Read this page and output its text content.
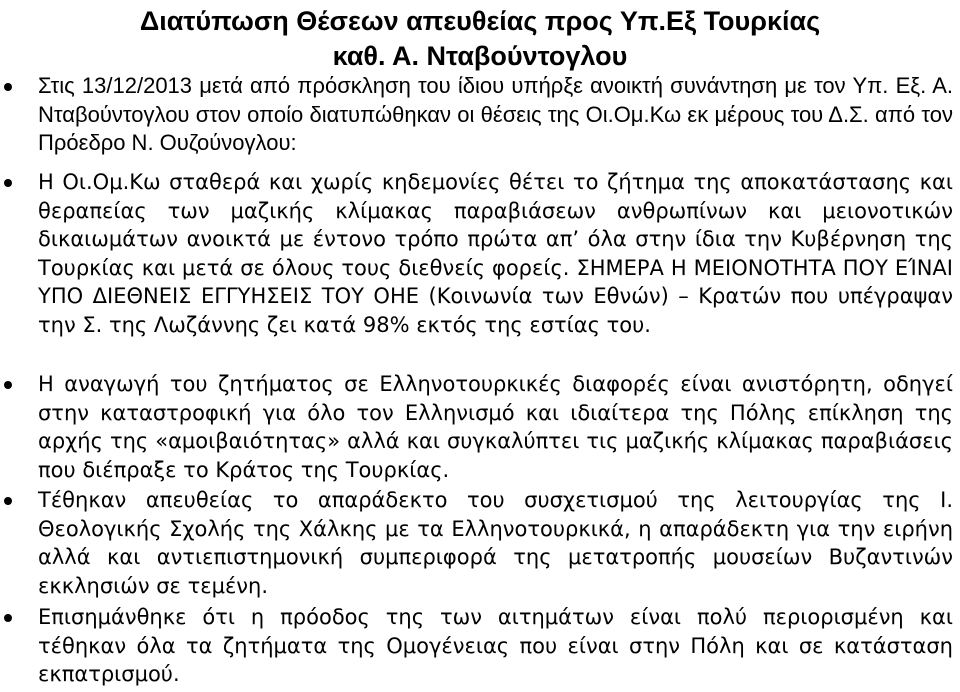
Διατύπωση Θέσεων απευθείας προς Υπ.Εξ Τουρκίας
καθ. Α. Νταβούντογλου
Στις 13/12/2013 μετά από πρόσκληση του ίδιου υπήρξε ανοικτή συνάντηση με τον Υπ. Εξ. Α. Νταβούντογλου στον οποίο διατυπώθηκαν οι θέσεις της Οι.Ομ.Κω εκ μέρους του Δ.Σ. από τον Πρόεδρο Ν. Ουζούνογλου:
Η Οι.Ομ.Κω σταθερά και χωρίς κηδεμονίες θέτει το ζήτημα της αποκατάστασης και θεραπείας των μαζικής κλίμακας παραβιάσεων ανθρωπίνων και μειονοτικών δικαιωμάτων ανοικτά με έντονο τρόπο πρώτα απ’ όλα στην ίδια την Κυβέρνηση της Τουρκίας και μετά σε όλους τους διεθνείς φορείς. ΣΗΜΕΡΑ Η ΜΕΙΟΝΟΤΗΤΑ ΠΟΥ ΕΊΝΑΙ ΥΠΟ ΔΙΕΘΝΕΙΣ ΕΓΓΥΗΣΕΙΣ ΤΟΥ ΟΗΕ (Κοινωνία των Εθνών) – Κρατών που υπέγραψαν την Σ. της Λωζάννης ζει κατά 98% εκτός της εστίας του.
Η αναγωγή του ζητήματος σε Ελληνοτουρκικές διαφορές είναι ανιστόρητη, οδηγεί στην καταστροφική για όλο τον Ελληνισμό και ιδιαίτερα της Πόλης επίκληση της αρχής της «αμοιβαιότητας» αλλά και συγκαλύπτει τις μαζικής κλίμακας παραβιάσεις που διέπραξε το Κράτος της Τουρκίας.
Τέθηκαν απευθείας το απαράδεκτο του συσχετισμού της λειτουργίας της Ι. Θεολογικής Σχολής της Χάλκης με τα Ελληνοτουρκικά, η απαράδεκτη για την ειρήνη αλλά και αντιεπιστημονική συμπεριφορά της μετατροπής μουσείων Βυζαντινών εκκλησιών σε τεμένη.
Επισημάνθηκε ότι η πρόοδος της των αιτημάτων είναι πολύ περιορισμένη και τέθηκαν όλα τα ζητήματα της Ομογένειας που είναι στην Πόλη και σε κατάσταση εκπατρισμού.
